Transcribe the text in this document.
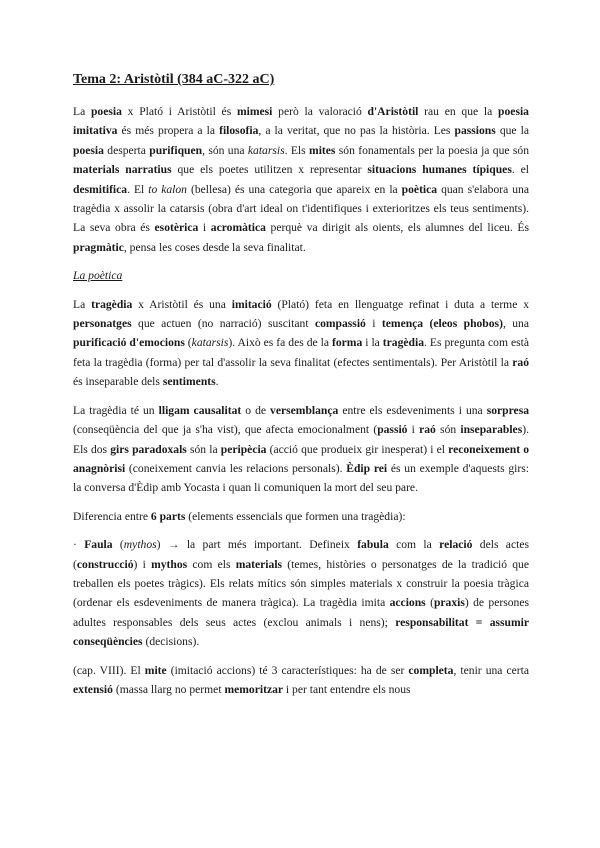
Tema 2: Aristòtil (384 aC-322 aC)

La poesia x Plató i Aristòtil és mimesi però la valoració d'Aristòtil rau en que la poesia imitativa és més propera a la filosofia, a la veritat, que no pas la història. Les passions que la poesia desperta purifiquen, són una katarsis. Els mites són fonamentals per la poesia ja que són materials narratius que els poetes utilitzen x representar situacions humanes típiques. el desmitifica. El to kalon (bellesa) és una categoria que apareix en la poètica quan s'elabora una tragèdia x assolir la catarsis (obra d'art ideal on t'identifiques i exterioritzes els teus sentiments). La seva obra és esotèrica i acromàtica perquè va dirigit als oients, els alumnes del liceu. És pragmàtic, pensa les coses desde la seva finalitat.

La poètica

La tragèdia x Aristòtil és una imitació (Plató) feta en llenguatge refinat i duta a terme x personatges que actuen (no narració) suscitant compassió i temença (eleos phobos), una purificació d'emocions (katarsis). Això es fa des de la forma i la tragèdia. Es pregunta com està feta la tragèdia (forma) per tal d'assolir la seva finalitat (efectes sentimentals). Per Aristòtil la raó és inseparable dels sentiments.

La tragèdia té un lligam causalitat o de versemblança entre els esdeveniments i una sorpresa (conseqüència del que ja s'ha vist), que afecta emocionalment (passió i raó són inseparables). Els dos girs paradoxals són la peripècia (acció que produeix gir inesperat) i el reconeixement o anagnòrisi (coneixement canvia les relacions personals). Èdip rei és un exemple d'aquests girs: la conversa d'Èdip amb Yocasta i quan li comuniquen la mort del seu pare.

Diferencia entre 6 parts (elements essencials que formen una tragèdia):

· Faula (mythos) → la part més important. Defineix fabula com la relació dels actes (construcció) i mythos com els materials (temes, històries o personatges de la tradició que treballen els poetes tràgics). Els relats mítics són simples materials x construir la poesia tràgica (ordenar els esdeveniments de manera tràgica). La tragèdia imita accions (praxis) de persones adultes responsables dels seus actes (exclou animals i nens); responsabilitat = assumir conseqüències (decisions).

(cap. VIII). El mite (imitació accions) té 3 característiques: ha de ser completa, tenir una certa extensió (massa llarg no permet memoritzar i per tant entendre els nous
